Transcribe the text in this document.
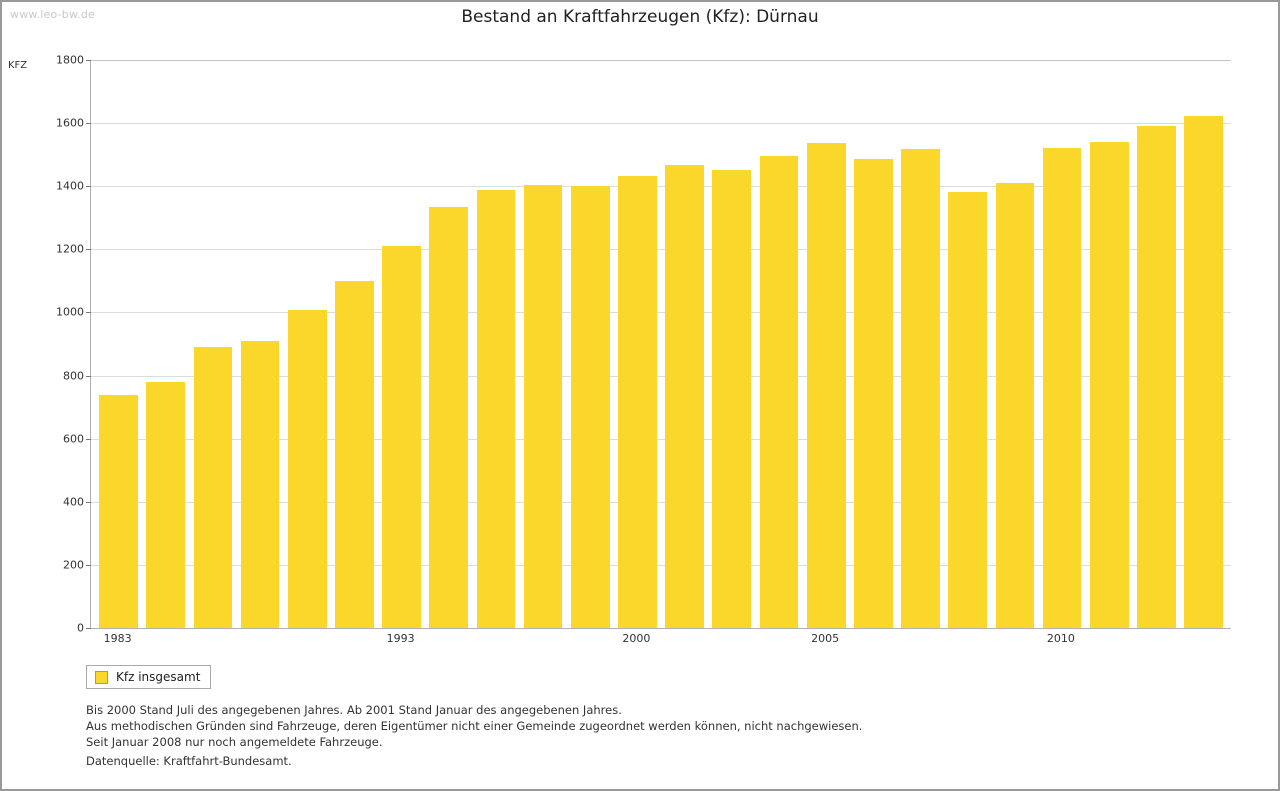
www.leo-bw.de	Bestand an Kraftfahrzeugen (Kfz): Dürnau
KFZ
0
200
400
600
800
1000
1200
1400
1600
1800
1983	1993	2000	2005	2010
Kfz insgesamt
Bis 2000 Stand Juli des angegebenen Jahres. Ab 2001 Stand Januar des angegebenen Jahres.
Aus methodischen Gründen sind Fahrzeuge, deren Eigentümer nicht einer Gemeinde zugeordnet werden können, nicht nachgewiesen.
Seit Januar 2008 nur noch angemeldete Fahrzeuge.
Datenquelle: Kraftfahrt-Bundesamt.
